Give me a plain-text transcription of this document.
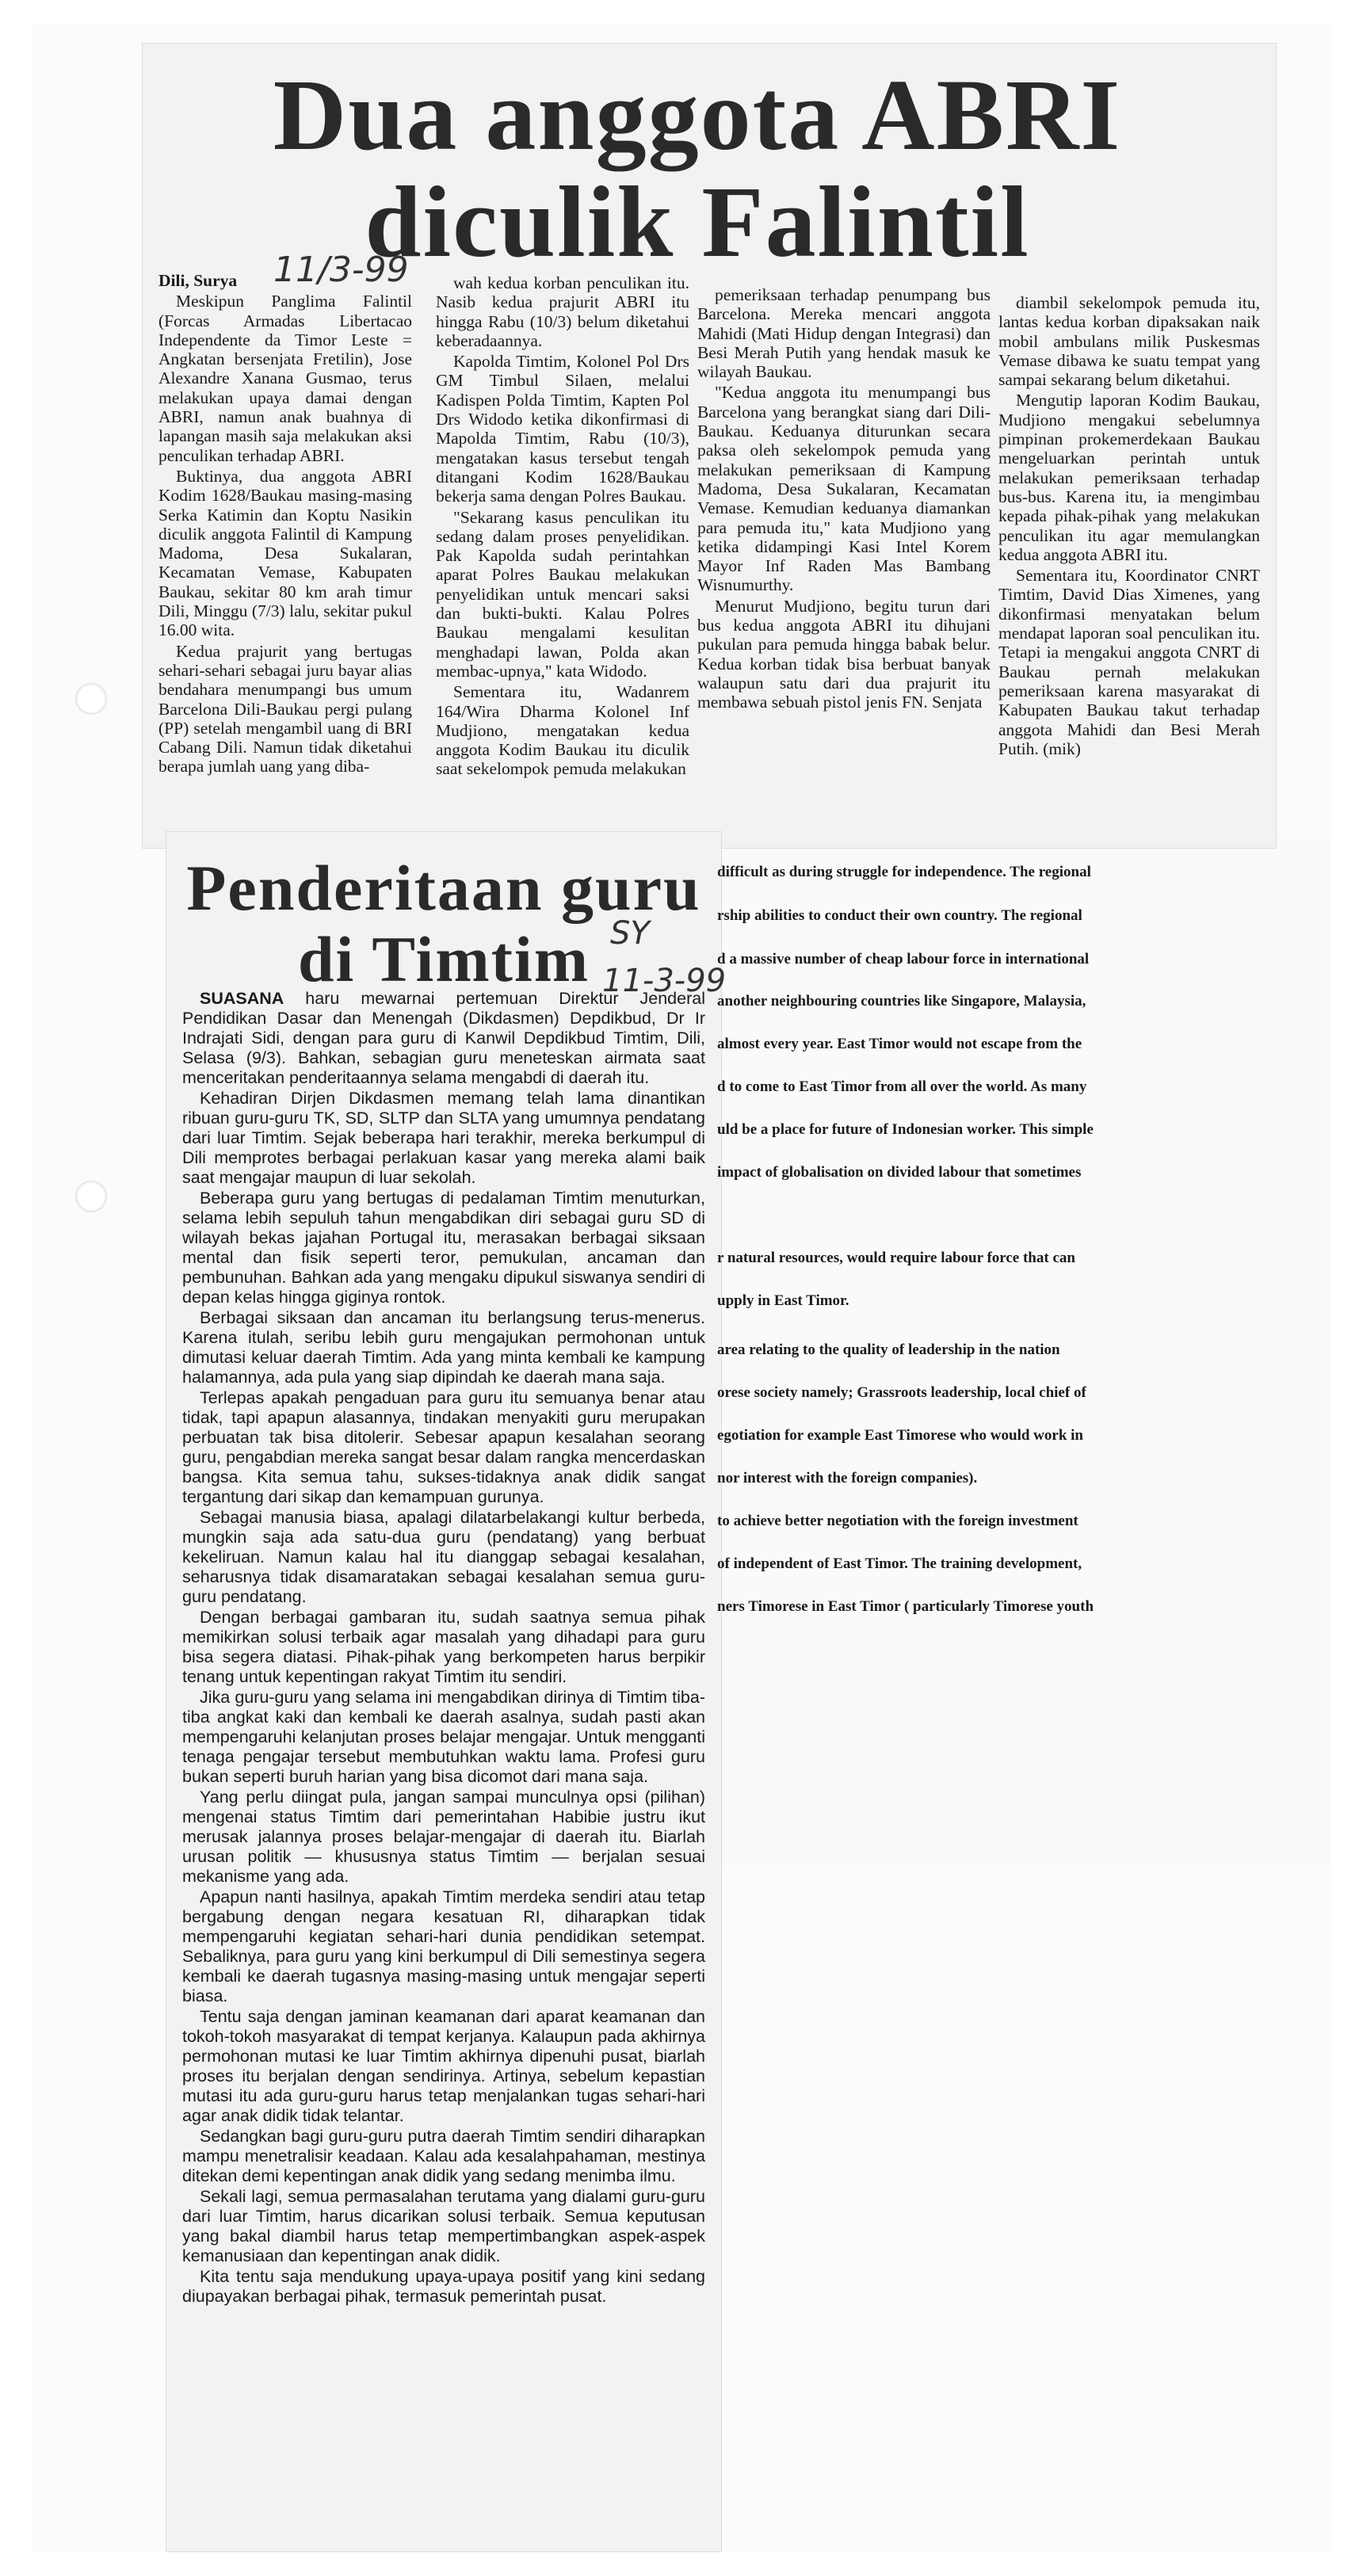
Dua anggota ABRI
diculik Falintil
11/3-99

Dili, Surya

Meskipun Panglima Falintil (Forcas Armadas Libertacao Independente da Timor Leste = Angkatan bersenjata Fretilin), Jose Alexandre Xanana Gusmao, terus melakukan upaya damai dengan ABRI, namun anak buahnya di lapangan masih saja melakukan aksi penculikan terhadap ABRI.

Buktinya, dua anggota ABRI Kodim 1628/Baukau masing-masing Serka Katimin dan Koptu Nasikin diculik anggota Falintil di Kampung Madoma, Desa Sukalaran, Kecamatan Vemase, Kabupaten Baukau, sekitar 80 km arah timur Dili, Minggu (7/3) lalu, sekitar pukul 16.00 wita.

Kedua prajurit yang bertugas sehari-sehari sebagai juru bayar alias bendahara menumpangi bus umum Barcelona Dili-Baukau pergi pulang (PP) setelah mengambil uang di BRI Cabang Dili. Namun tidak diketahui berapa jumlah uang yang diba-

wah kedua korban penculikan itu. Nasib kedua prajurit ABRI itu hingga Rabu (10/3) belum diketahui keberadaannya.

Kapolda Timtim, Kolonel Pol Drs GM Timbul Silaen, melalui Kadispen Polda Timtim, Kapten Pol Drs Widodo ketika dikonfirmasi di Mapolda Timtim, Rabu (10/3), mengatakan kasus tersebut tengah ditangani Kodim 1628/Baukau bekerja sama dengan Polres Baukau.

"Sekarang kasus penculikan itu sedang dalam proses penyelidikan. Pak Kapolda sudah perintahkan aparat Polres Baukau melakukan penyelidikan untuk mencari saksi dan bukti-bukti. Kalau Polres Baukau mengalami kesulitan menghadapi lawan, Polda akan membac-upnya," kata Widodo.

Sementara itu, Wadanrem 164/Wira Dharma Kolonel Inf Mudjiono, mengatakan kedua anggota Kodim Baukau itu diculik saat sekelompok pemuda melakukan

pemeriksaan terhadap penumpang bus Barcelona. Mereka mencari anggota Mahidi (Mati Hidup dengan Integrasi) dan Besi Merah Putih yang hendak masuk ke wilayah Baukau.

"Kedua anggota itu menumpangi bus Barcelona yang berangkat siang dari Dili-Baukau. Keduanya diturunkan secara paksa oleh sekelompok pemuda yang melakukan pemeriksaan di Kampung Madoma, Desa Sukalaran, Kecamatan Vemase. Kemudian keduanya diamankan para pemuda itu," kata Mudjiono yang ketika didampingi Kasi Intel Korem Mayor Inf Raden Mas Bambang Wisnumurthy.

Menurut Mudjiono, begitu turun dari bus kedua anggota ABRI itu dihujani pukulan para pemuda hingga babak belur. Kedua korban tidak bisa berbuat banyak walaupun satu dari dua prajurit itu membawa sebuah pistol jenis FN. Senjata

diambil sekelompok pemuda itu, lantas kedua korban dipaksakan naik mobil ambulans milik Puskesmas Vemase dibawa ke suatu tempat yang sampai sekarang belum diketahui.

Mengutip laporan Kodim Baukau, Mudjiono mengakui sebelumnya pimpinan prokemerdekaan Baukau mengeluarkan perintah untuk melakukan pemeriksaan terhadap bus-bus. Karena itu, ia mengimbau kepada pihak-pihak yang melakukan penculikan itu agar memulangkan kedua anggota ABRI itu.

Sementara itu, Koordinator CNRT Timtim, David Dias Ximenes, yang dikonfirmasi menyatakan belum mendapat laporan soal penculikan itu. Tetapi ia mengakui anggota CNRT di Baukau pernah melakukan pemeriksaan karena masyarakat di Kabupaten Baukau takut terhadap anggota Mahidi dan Besi Merah Putih. (mik)

Penderitaan guru
di Timtim SY
11-3-99

SUASANA haru mewarnai pertemuan Direktur Jenderal Pendidikan Dasar dan Menengah (Dikdasmen) Depdikbud, Dr Ir Indrajati Sidi, dengan para guru di Kanwil Depdikbud Timtim, Dili, Selasa (9/3). Bahkan, sebagian guru meneteskan airmata saat menceritakan penderitaannya selama mengabdi di daerah itu.

Kehadiran Dirjen Dikdasmen memang telah lama dinantikan ribuan guru-guru TK, SD, SLTP dan SLTA yang umumnya pendatang dari luar Timtim. Sejak beberapa hari terakhir, mereka berkumpul di Dili memprotes berbagai perlakuan kasar yang mereka alami baik saat mengajar maupun di luar sekolah.

Beberapa guru yang bertugas di pedalaman Timtim menuturkan, selama lebih sepuluh tahun mengabdikan diri sebagai guru SD di wilayah bekas jajahan Portugal itu, merasakan berbagai siksaan mental dan fisik seperti teror, pemukulan, ancaman dan pembunuhan. Bahkan ada yang mengaku dipukul siswanya sendiri di depan kelas hingga giginya rontok.

Berbagai siksaan dan ancaman itu berlangsung terus-menerus. Karena itulah, seribu lebih guru mengajukan permohonan untuk dimutasi keluar daerah Timtim. Ada yang minta kembali ke kampung halamannya, ada pula yang siap dipindah ke daerah mana saja.

Terlepas apakah pengaduan para guru itu semuanya benar atau tidak, tapi apapun alasannya, tindakan menyakiti guru merupakan perbuatan tak bisa ditolerir. Sebesar apapun kesalahan seorang guru, pengabdian mereka sangat besar dalam rangka mencerdaskan bangsa. Kita semua tahu, sukses-tidaknya anak didik sangat tergantung dari sikap dan kemampuan gurunya.

Sebagai manusia biasa, apalagi dilatarbelakangi kultur berbeda, mungkin saja ada satu-dua guru (pendatang) yang berbuat kekeliruan. Namun kalau hal itu dianggap sebagai kesalahan, seharusnya tidak disamaratakan sebagai kesalahan semua guru-guru pendatang.

Dengan berbagai gambaran itu, sudah saatnya semua pihak memikirkan solusi terbaik agar masalah yang dihadapi para guru bisa segera diatasi. Pihak-pihak yang berkompeten harus berpikir tenang untuk kepentingan rakyat Timtim itu sendiri.

Jika guru-guru yang selama ini mengabdikan dirinya di Timtim tiba-tiba angkat kaki dan kembali ke daerah asalnya, sudah pasti akan mempengaruhi kelanjutan proses belajar mengajar. Untuk mengganti tenaga pengajar tersebut membutuhkan waktu lama. Profesi guru bukan seperti buruh harian yang bisa dicomot dari mana saja.

Yang perlu diingat pula, jangan sampai munculnya opsi (pilihan) mengenai status Timtim dari pemerintahan Habibie justru ikut merusak jalannya proses belajar-mengajar di daerah itu. Biarlah urusan politik — khususnya status Timtim — berjalan sesuai mekanisme yang ada.

Apapun nanti hasilnya, apakah Timtim merdeka sendiri atau tetap bergabung dengan negara kesatuan RI, diharapkan tidak mempengaruhi kegiatan sehari-hari dunia pendidikan setempat. Sebaliknya, para guru yang kini berkumpul di Dili semestinya segera kembali ke daerah tugasnya masing-masing untuk mengajar seperti biasa.

Tentu saja dengan jaminan keamanan dari aparat keamanan dan tokoh-tokoh masyarakat di tempat kerjanya. Kalaupun pada akhirnya permohonan mutasi ke luar Timtim akhirnya dipenuhi pusat, biarlah proses itu berjalan dengan sendirinya. Artinya, sebelum kepastian mutasi itu ada guru-guru harus tetap menjalankan tugas sehari-hari agar anak didik tidak telantar.

Sedangkan bagi guru-guru putra daerah Timtim sendiri diharapkan mampu menetralisir keadaan. Kalau ada kesalahpahaman, mestinya ditekan demi kepentingan anak didik yang sedang menimba ilmu.

Sekali lagi, semua permasalahan terutama yang dialami guru-guru dari luar Timtim, harus dicarikan solusi terbaik. Semua keputusan yang bakal diambil harus tetap mempertimbangkan aspek-aspek kemanusiaan dan kepentingan anak didik.

Kita tentu saja mendukung upaya-upaya positif yang kini sedang diupayakan berbagai pihak, termasuk pemerintah pusat.

difficult as during struggle for independence. The regional
rship abilities to conduct their own country. The regional
d a massive number of cheap labour force in international
another neighbouring countries like Singapore, Malaysia,
almost every year. East Timor would not escape from the
d to come to East Timor from all over the world. As many
uld be a place for future of Indonesian worker. This simple
impact of globalisation on divided labour that sometimes
r natural resources, would require labour force that can
upply in East Timor.
area relating to the quality of leadership in the nation
orese society namely; Grassroots leadership, local chief of
egotiation for example East Timorese who would work in
nor interest with the foreign companies).
to achieve better negotiation with the foreign investment
of independent of East Timor. The training development,
ners Timorese in East Timor ( particularly Timorese youth
